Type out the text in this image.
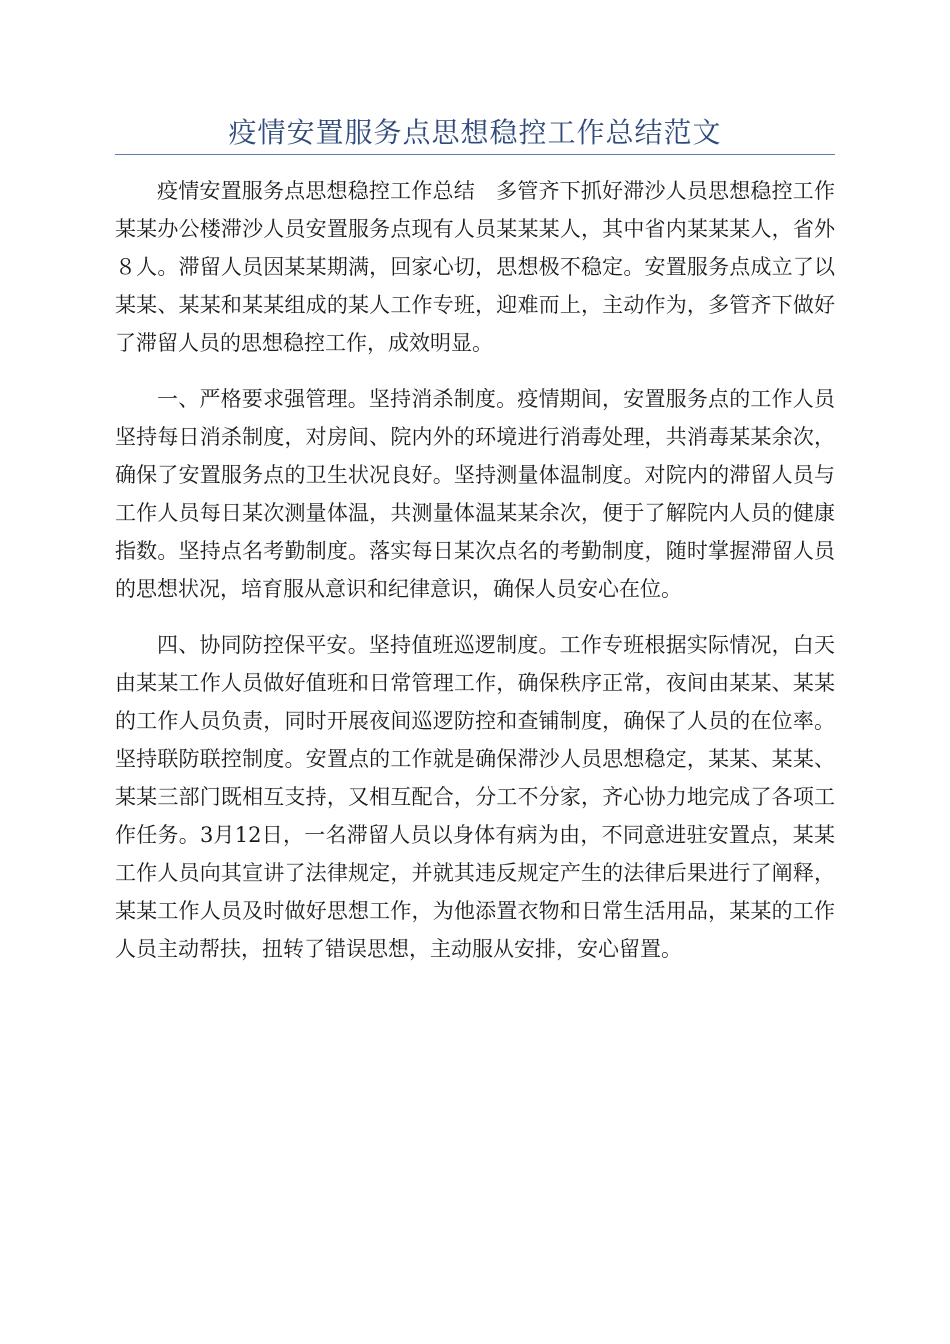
疫情安置服务点思想稳控工作总结范文

疫情安置服务点思想稳控工作总结　多管齐下抓好滞沙人员思想稳控工作　某某办公楼滞沙人员安置服务点现有人员某某某人，其中省内某某某人，省外８人。滞留人员因某某期满，回家心切，思想极不稳定。安置服务点成立了以某某、某某和某某组成的某人工作专班，迎难而上，主动作为，多管齐下做好了滞留人员的思想稳控工作，成效明显。

一、严格要求强管理。坚持消杀制度。疫情期间，安置服务点的工作人员坚持每日消杀制度，对房间、院内外的环境进行消毒处理，共消毒某某余次，确保了安置服务点的卫生状况良好。坚持测量体温制度。对院内的滞留人员与工作人员每日某次测量体温，共测量体温某某余次，便于了解院内人员的健康指数。坚持点名考勤制度。落实每日某次点名的考勤制度，随时掌握滞留人员的思想状况，培育服从意识和纪律意识，确保人员安心在位。

四、协同防控保平安。坚持值班巡逻制度。工作专班根据实际情况，白天由某某工作人员做好值班和日常管理工作，确保秩序正常，夜间由某某、某某的工作人员负责，同时开展夜间巡逻防控和查铺制度，确保了人员的在位率。坚持联防联控制度。安置点的工作就是确保滞沙人员思想稳定，某某、某某、某某三部门既相互支持，又相互配合，分工不分家，齐心协力地完成了各项工作任务。3月12日，一名滞留人员以身体有病为由，不同意进驻安置点，某某工作人员向其宣讲了法律规定，并就其违反规定产生的法律后果进行了阐释，某某工作人员及时做好思想工作，为他添置衣物和日常生活用品，某某的工作人员主动帮扶，扭转了错误思想，主动服从安排，安心留置。
